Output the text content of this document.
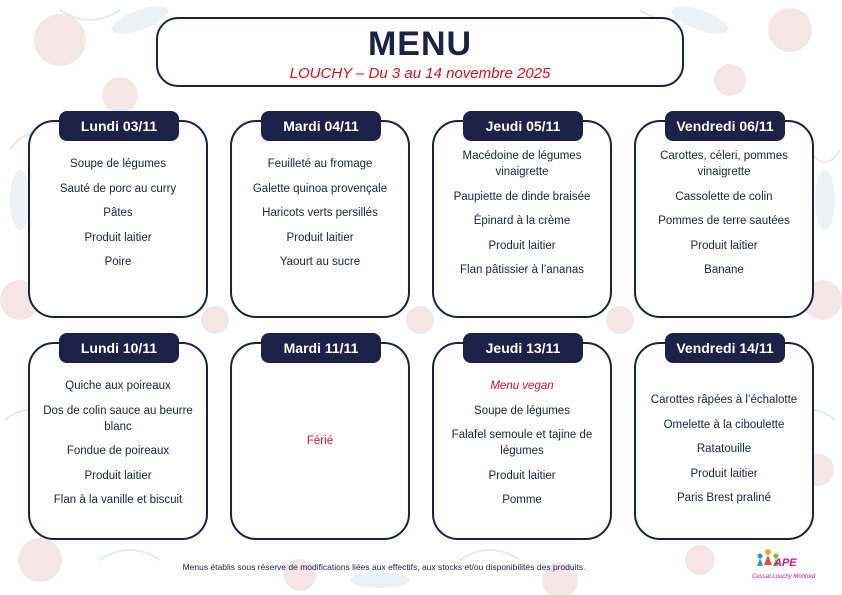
MENU
LOUCHY – Du 3 au 14 novembre 2025
Lundi 03/11
Soupe de légumes
Sauté de porc au curry
Pâtes
Produit laitier
Poire
Mardi 04/11
Feuilleté au fromage
Galette quinoa provençale
Haricots verts persillés
Produit laitier
Yaourt au sucre
Jeudi 05/11
Macédoine de légumes vinaigrette
Paupiette de dinde braisée
Épinard à la crème
Produit laitier
Flan pâtissier à l’ananas
Vendredi 06/11
Carottes, céleri, pommes vinaigrette
Cassolette de colin
Pommes de terre sautées
Produit laitier
Banane
Lundi 10/11
Quiche aux poireaux
Dos de colin sauce au beurre blanc
Fondue de poireaux
Produit laitier
Flan à la vanille et biscuit
Mardi 11/11
Férié
Jeudi 13/11
Menu vegan
Soupe de légumes
Falafel semoule et tajine de légumes
Produit laitier
Pomme
Vendredi 14/11
Carottes râpées à l’échalotte
Omelette à la ciboulette
Ratatouille
Produit laitier
Paris Brest praliné
Menus établis sous réserve de modifications liées aux effectifs, aux stocks et/ou disponibilités des produits.	APE
Cessat Louchy Montord
